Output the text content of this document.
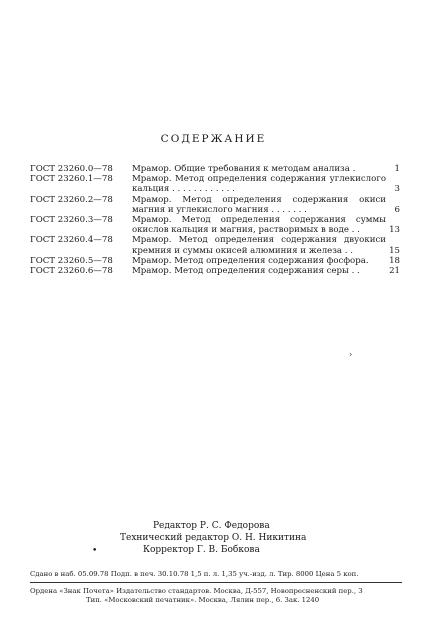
СОДЕРЖАНИЕ
ГОСТ 23260.0—78	Мрамор. Общие требования к методам анализа .	1
ГОСТ 23260.1—78	Мрамор. Метод определения содержания углекислого кальция . . . . . . . . . . . .	3
ГОСТ 23260.2—78	Мрамор. Метод определения содержания окиси магния и углекислого магния . . . . . . .	6
ГОСТ 23260.3—78	Мрамор. Метод определения содержания суммы окислов кальция и магния, растворимых в воде . .	13
ГОСТ 23260.4—78	Мрамор. Метод определения содержания двуокиси кремния и суммы окисей алюминия и железа . .	15
ГОСТ 23260.5—78	Мрамор. Метод определения содержания фосфора.	18
ГОСТ 23260.6—78	Мрамор. Метод определения содержания серы . .	21
›
Редактор Р. С. Федорова
Технический редактор О. Н. Никитина
Корректор Г. В. Бобкова
•
Сдано в наб. 05.09.78 Подп. в печ. 30.10.78 1,5 п. л. 1,35 уч.-изд. л. Тир. 8000 Цена 5 коп.
Ордена «Знак Почета» Издательство стандартов. Москва, Д-557, Новопресненский пер., 3
Тип. «Московский печатник». Москва, Лялин пер., 6. Зак. 1240
